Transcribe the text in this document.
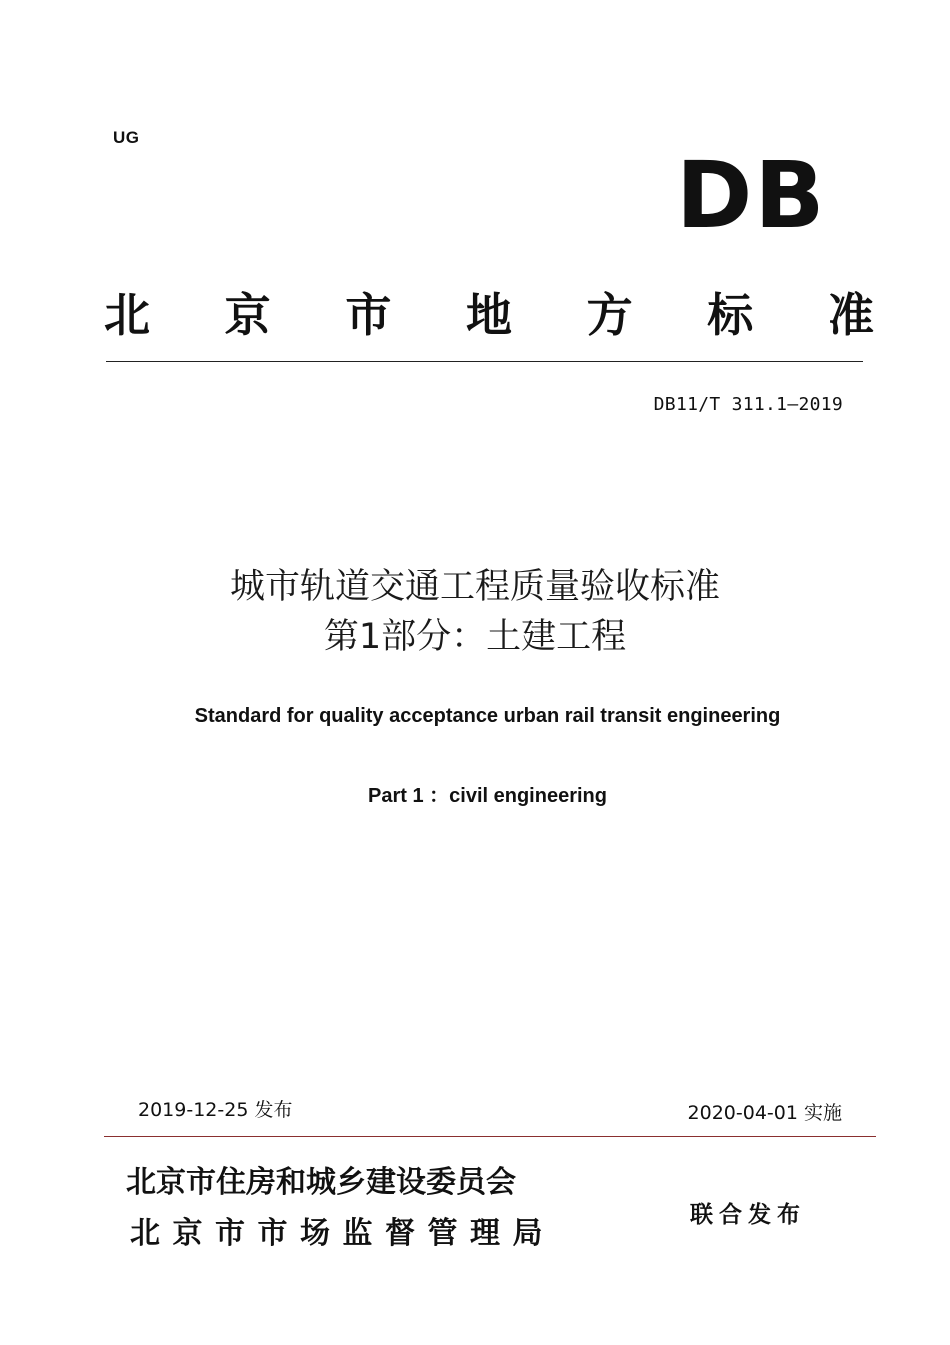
UG
DB
北 京 市 地 方 标 准
DB11/T 311.1—2019
城市轨道交通工程质量验收标准
第1部分：土建工程
Standard for quality acceptance urban rail transit engineering
Part 1 ：civil engineering
2019-12-25 发布	2020-04-01 实施
北京市住房和城乡建设委员会
北京市市场监督管理局
联合发布
